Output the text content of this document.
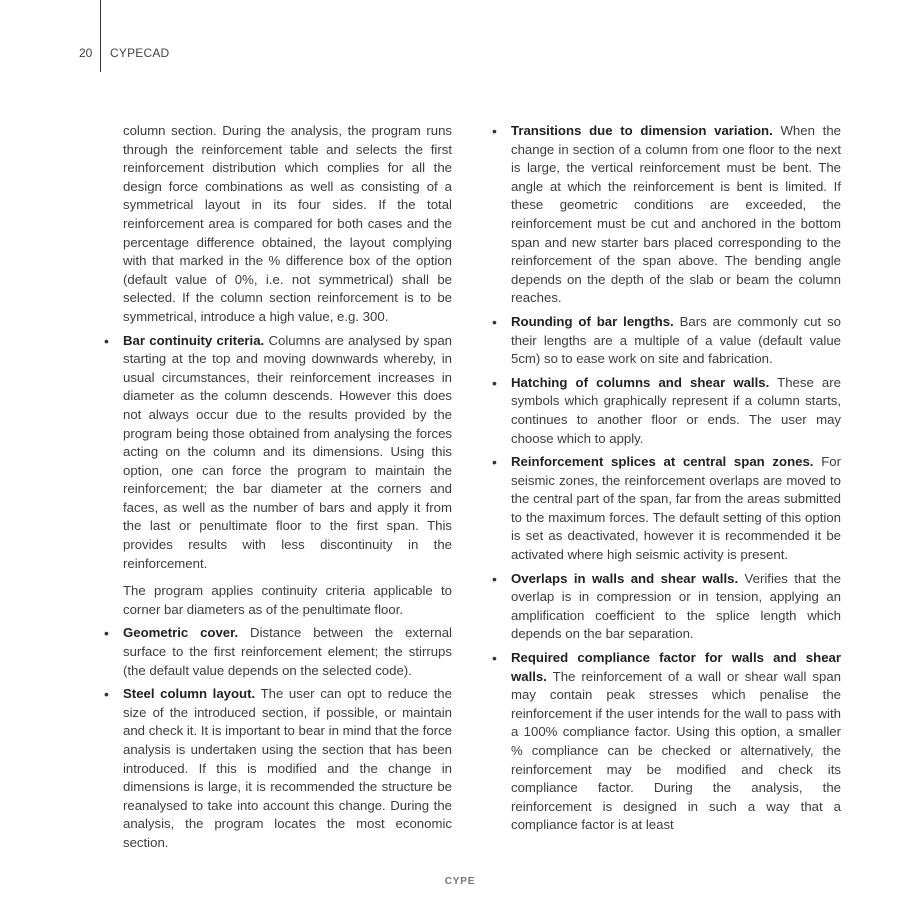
20 CYPECAD

column section. During the analysis, the program runs through the reinforcement table and selects the first reinforcement distribution which complies for all the design force combinations as well as consisting of a symmetrical layout in its four sides. If the total reinforcement area is compared for both cases and the percentage difference obtained, the layout complying with that marked in the % difference box of the option (default value of 0%, i.e. not symmetrical) shall be selected. If the column section reinforcement is to be symmetrical, introduce a high value, e.g. 300.

• Bar continuity criteria. Columns are analysed by span starting at the top and moving downwards whereby, in usual circumstances, their reinforcement increases in diameter as the column descends. However this does not always occur due to the results provided by the program being those obtained from analysing the forces acting on the column and its dimensions. Using this option, one can force the program to maintain the reinforcement; the bar diameter at the corners and faces, as well as the number of bars and apply it from the last or penultimate floor to the first span. This provides results with less discontinuity in the reinforcement.

The program applies continuity criteria applicable to corner bar diameters as of the penultimate floor.

• Geometric cover. Distance between the external surface to the first reinforcement element; the stirrups (the default value depends on the selected code).
• Steel column layout. The user can opt to reduce the size of the introduced section, if possible, or maintain and check it. It is important to bear in mind that the force analysis is undertaken using the section that has been introduced. If this is modified and the change in dimensions is large, it is recommended the structure be reanalysed to take into account this change. During the analysis, the program locates the most economic section.
• Transitions due to dimension variation. When the change in section of a column from one floor to the next is large, the vertical reinforcement must be bent. The angle at which the reinforcement is bent is limited. If these geometric conditions are exceeded, the reinforcement must be cut and anchored in the bottom span and new starter bars placed corresponding to the reinforcement of the span above. The bending angle depends on the depth of the slab or beam the column reaches.
• Rounding of bar lengths. Bars are commonly cut so their lengths are a multiple of a value (default value 5cm) so to ease work on site and fabrication.
• Hatching of columns and shear walls. These are symbols which graphically represent if a column starts, continues to another floor or ends. The user may choose which to apply.
• Reinforcement splices at central span zones. For seismic zones, the reinforcement overlaps are moved to the central part of the span, far from the areas submitted to the maximum forces. The default setting of this option is set as deactivated, however it is recommended it be activated where high seismic activity is present.
• Overlaps in walls and shear walls. Verifies that the overlap is in compression or in tension, applying an amplification coefficient to the splice length which depends on the bar separation.
• Required compliance factor for walls and shear walls. The reinforcement of a wall or shear wall span may contain peak stresses which penalise the reinforcement if the user intends for the wall to pass with a 100% compliance factor. Using this option, a smaller % compliance can be checked or alternatively, the reinforcement may be modified and check its compliance factor. During the analysis, the reinforcement is designed in such a way that a compliance factor is at least
CYPE
